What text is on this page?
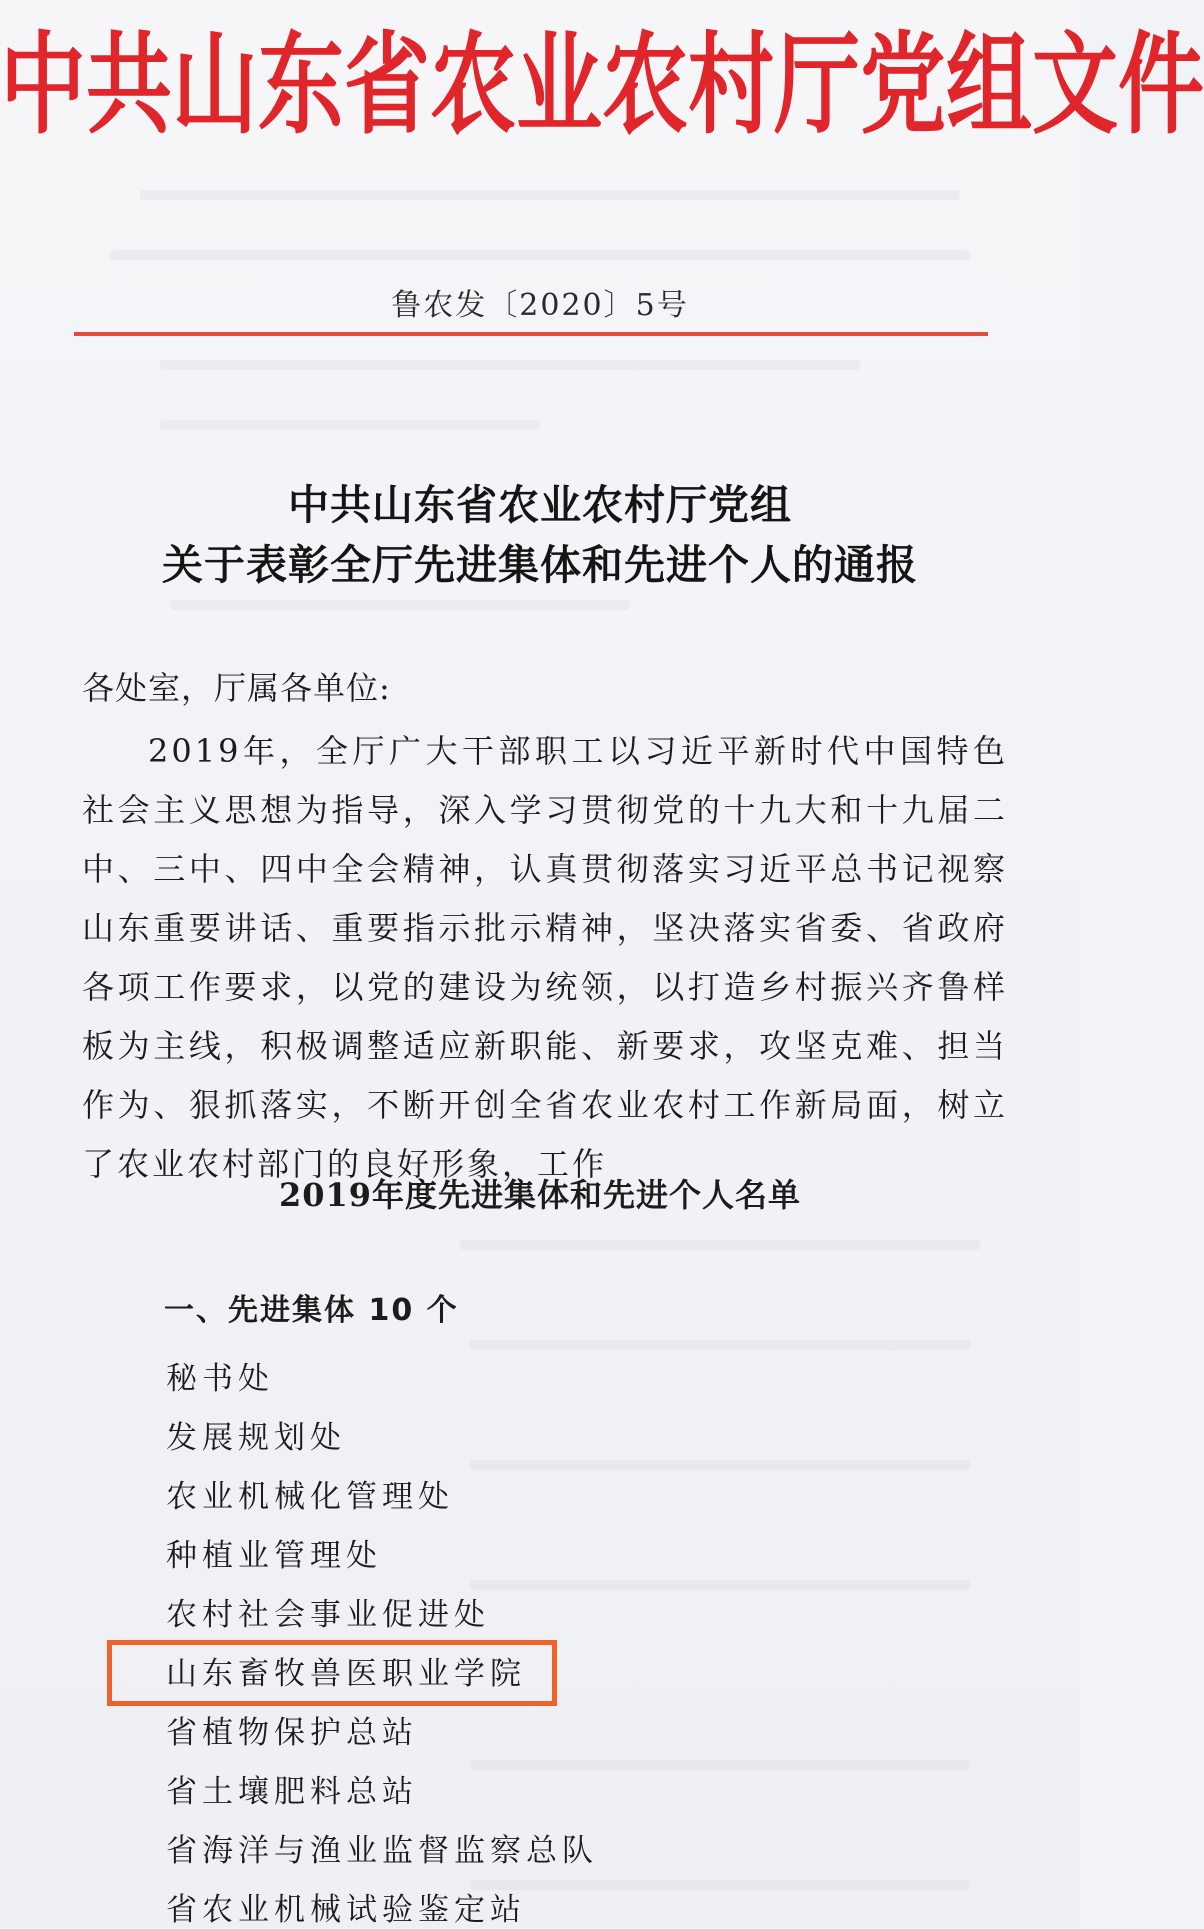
中共山东省农业农村厅党组文件
鲁农发〔2020〕5号
中共山东省农业农村厅党组
关于表彰全厅先进集体和先进个人的通报
各处室，厅属各单位:
2019年，全厅广大干部职工以习近平新时代中国特色社会主义思想为指导，深入学习贯彻党的十九大和十九届二中、三中、四中全会精神，认真贯彻落实习近平总书记视察山东重要讲话、重要指示批示精神，坚决落实省委、省政府各项工作要求，以党的建设为统领，以打造乡村振兴齐鲁样板为主线，积极调整适应新职能、新要求，攻坚克难、担当作为、狠抓落实，不断开创全省农业农村工作新局面，树立了农业农村部门的良好形象，工作
2019年度先进集体和先进个人名单
一、先进集体 10 个
秘书处
发展规划处
农业机械化管理处
种植业管理处
农村社会事业促进处
山东畜牧兽医职业学院
省植物保护总站
省土壤肥料总站
省海洋与渔业监督监察总队
省农业机械试验鉴定站
